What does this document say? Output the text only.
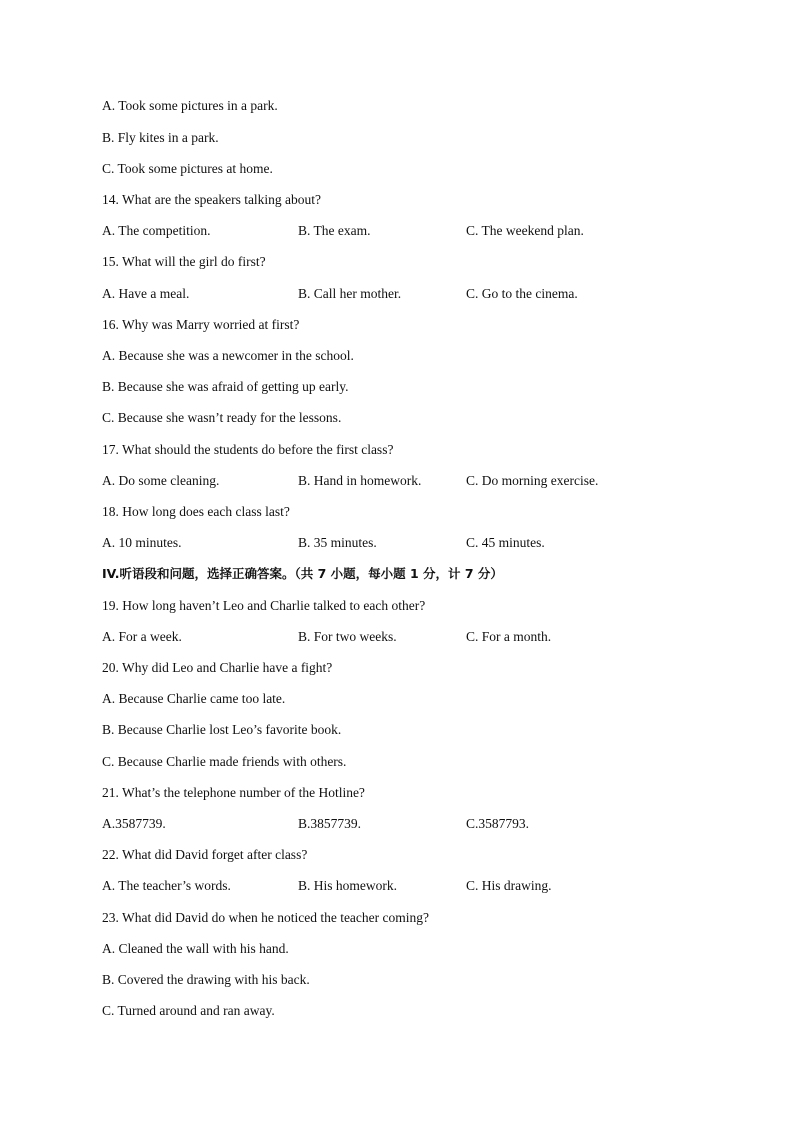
A. Took some pictures in a park.
B. Fly kites in a park.
C. Took some pictures at home.
14. What are the speakers talking about?
A. The competition.	B. The exam.	C. The weekend plan.
15. What will the girl do first?
A. Have a meal.	B. Call her mother.	C. Go to the cinema.
16. Why was Marry worried at first?
A. Because she was a newcomer in the school.
B. Because she was afraid of getting up early.
C. Because she wasn’t ready for the lessons.
17. What should the students do before the first class?
A. Do some cleaning.	B. Hand in homework.	C. Do morning exercise.
18. How long does each class last?
A. 10 minutes.	B. 35 minutes.	C. 45 minutes.
IV.听语段和问题，选择正确答案。（共 7 小题，每小题 1 分，计 7 分）
19. How long haven’t Leo and Charlie talked to each other?
A. For a week.	B. For two weeks.	C. For a month.
20. Why did Leo and Charlie have a fight?
A. Because Charlie came too late.
B. Because Charlie lost Leo’s favorite book.
C. Because Charlie made friends with others.
21. What’s the telephone number of the Hotline?
A.3587739.	B.3857739.	C.3587793.
22. What did David forget after class?
A. The teacher’s words.	B. His homework.	C. His drawing.
23. What did David do when he noticed the teacher coming?
A. Cleaned the wall with his hand.
B. Covered the drawing with his back.
C. Turned around and ran away.
